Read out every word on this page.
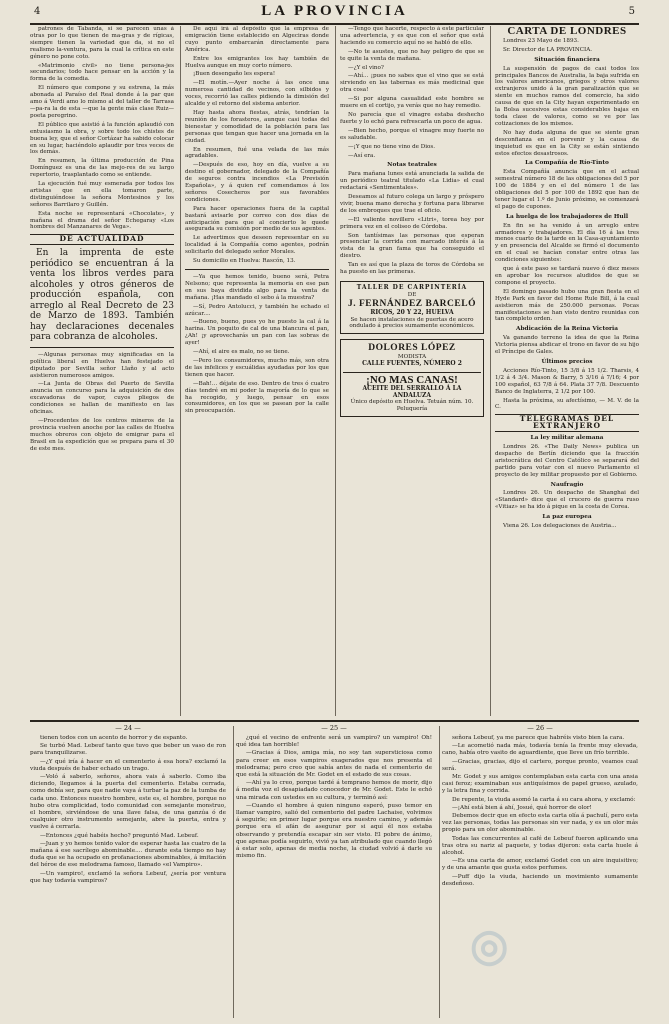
4	LA PROVINCIA	5

patrones de Tabanda, si se parecen unas á otras por lo que tienen de ma-gras y de rígicas, siempre tienen la variedad que da, si no el realismo la-ventura, para la cual la crítica en este género no pone coto.

«Matrimonio civil» no tiene persona-jes secundarios; todo hace pensar en la acción y la forma de la comedia.

El número que compone y su estrena, la más abonada al Paraíso del Real donde á la par que amo á Verdi amo lo mismo al del taller de Tarrasa—pa-ra la de esta —que la gente más clase Ruiz—poeta peregrino.

El público que asistió á la función aplaudió con entusiasmo la obra, y sobre todo los chistes de buena ley, que el señor Cortázar ha sabido colocar en su lugar, haciéndolo aplaudir por tres veces de los demás.

En resumen, la última producción de Pina Domínguez es una de las mejo-res de su largo repertorio, trasplantado como se entiende.

La ejecución fué muy esmerada por todos los artistas que en ella tomaron parte, distinguiéndose la señora Montesinos y los señores Barrilaro y Guillén.

Esta noche se representará «Chocolate», y mañana el drama del señor Echegaray «Los hombres del Manzanares de Vega».

DE ACTUALIDAD

En la imprenta de este periódico se encuentran á la venta los libros verdes para alcoholes y otros géneros de producción española, con arreglo al Real Decreto de 23 de Marzo de 1893. También hay declaraciones decenales para cobranza de alcoholes.

—Algunas personas muy significadas en la política liberal en Huelva han festejado el diputado por Sevilla señor Llaño y al acto asistieron numerosos amigos.

—La Junta de Obras del Puerto de Sevilla anuncia un concurso para la adquisición de dos excavadoras de vapor, cuyos pliegos de condiciones se hallan de manifiesto en las oficinas.

—Procedentes de los centros mineros de la provincia vuelven anoche por las calles de Huelva muchos obreros con objeto de emigrar para el Brasil en la expedición que se prepara para el 30 de este mes.

De aquí irá al depósito que la empresa de emigración tiene establecido en Algeciras donde cuyo punto embarcarán directamente para América.

Entre los emigrantes los hay también de Huelva aunque en muy corto número.

¡Buen desengaño les espera!

—El motín.—Ayer noche á las once una numerosa cantidad de vecinos, con silbidos y voces, recorrió las calles pidiendo la dimisión del alcalde y el retorno del sistema anterior.

Hay hasta ahora fiestas, atrás, tendrían la reunión de los forasteros, aunque casi todas del bienestar y comodidad de la población para las personas que tengan que hacer una jornada en la ciudad.

En resumen, fué una velada de las más agradables.

—Después de eso, hoy en día, vuelve a su destino el gobernador, delegado de la Compañía de seguros contra incendios «La Previsión Española», y á quien ref comendamos á los señores Cosecheros por sus favorables condiciones.

Para hacer operaciones fuera de la capital bastará avisarle por correo con dos días de anticipación para que al concierto le quede asegurada su comisión por medio de sus agentes.

Le advertimos que deseen representar en su localidad á la Compañía como agentes, podrán solicitarlo del delegado señor Morales.

Su domicilio en Huelva: Rascón, 13.

—Ya que hemos tenido, bueno será, Petra Nelsono; que representa la memoria en ese pan en sus baya dividida algo para la venta de mañana. ¡Has mandado el sebo á la muestra?

—Sí, Pedro Antolucci, y también he echado el azúcar....

—Bueno, bueno, pues yo he puesto la cal á la harina. Un poquito de cal de una blancura el pan, ¿Ah! ¡y aprovecharás un pan con las sobras de ayer!

—Ahí, el aire es malo, no se tiene.

—Pero los consumidores, mucho más, son otra de las infelices y escuálidas ayudadas por los que tienen que hacer.

—Bah!... déjate de eso. Dentro de tres ó cuatro días tendré en mi poder la mayoría de lo que se ha recogido, y luego, pensar en esos consumidores, en los que se pasean por la calle sin preocupación.

—Tengo que hacerte, respecto á este particular una advertencia, y es que con el señor que está haciendo su comercio aquí no se habló de ello.

—No te asustes, que no hay peligro de que se te quite la venta de mañana.

—¿Y el vino?

—Ahí... ¡pues no sabes que el vino que se está sirviendo en las tabernas es más medicinal que otra cosa!

—Si por alguna casualidad este hombre se muere en el cortijo, ya verás que no hay remedio.

No parecía que el vinagre estaba deshecho fuerte y lo echó para refrescarla un poco de agua.

—Bien hecho, porque el vinagre muy fuerte no es saludable.

—¡Y que no tiene vino de Dios.

—Así era.

Notas teatrales

Para mañana lunes está anunciada la salida de un periódico teatral titulado «La Lidia» el cual redactará «Sentimentales».

Deseamos al futuro colega un largo y próspero vivir, buena mano derecha y fortuna para librarse de los embroques que trae el oficio.

—El valiente novillero «Litri», torea hoy por primera vez en el coliseo de Córdoba.

Son tantísimas las personas que esperan presenciar la corrida con marcado interés á la vista de la gran fama que ha conseguido el diestro.

Tan es así que la plaza de toros de Córdoba se ha puesto en las primeras.

TALLER DE CARPINTERÍA
DE
J. FERNÁNDEZ BARCELÓ
RICOS, 20 Y 22, HUELVA
Se hacen instalaciones de puertas de acero ondulado á precios sumamente económicos.
DOLORES LÓPEZ
MODISTA
CALLE FUENTES, NÚMERO 2
¡NO MAS CANAS!
ACEITE DEL SERRALLO Á LA ANDALUZA
Único depósito en Huelva. Tetuán núm. 10. Peluquería
CARTA DE LONDRES

Londres 23 Mayo de 1893.

Sr. Director de LA PROVINCIA.

Situación financiera

La suspensión de pagos de casi todos los principales Bancos de Australia, la baja sufrida en los valores americanos, griegos y otros valores extranjeros unido á la gran paralización que se siente en muchos ramos del comercio, ha sido causa de que en la City hayan experimentado en la Bolsa sucesivos estas considerables bajas en toda clase de valores, como se ve por las cotizaciones de los mismos.

No hay duda alguna de que se siente gran desconfianza en el porvenir y la causa de inquietud es que en la City se están sintiendo estos efectos desastrosos.

La Compañía de Río-Tinto

Esta Compañía anuncia que en el actual semestral número 18 de las obligaciones del 5 por 100 de 1884 y en el del número 1 de las obligaciones del 5 por 100 de 1892 que han de tener lugar el 1.º de Junio próximo, se comenzará el pago de cupones.

La huelga de los trabajadores de Hull

En fin se ha venido á un arreglo entre armadores y trabajadores. El día 16 á las tres menos cuarto de la tarde en la Casa-ayuntamiento y en presencia del Alcalde se firmó el documento en el cual se hacían constar entre otras las condiciones siguientes:

que á este paso se tardará nuevo ó diez meses en aprobar los recursos aludidos de que se compone el proyecto.

El domingo pasado hubo una gran fiesta en el Hyde Park en favor del Home Rule Bill, á la cual asistieron más de 250.000 personas. Pocas manifestaciones se han visto dentro reunidas con tan completo orden.

Abdicación de la Reina Victoria

Va ganando terreno la idea de que la Reina Victoria piensa abdicar el trono en favor de su hijo el Príncipe de Gales.

Últimos precios

Acciones Río-Tinto, 15 3/8 á 15 1/2. Tharsis, 4 1/2 á 4 3/4. Mason & Barry, 5 3/16 á 7/16; 4 por 100 español, 63 7/8 á 64. Plata 37 7/8. Descuento Banco de Inglaterra, 2 1/2 por 100.

Hasta la próxima, su afectísimo, — M. V. de la C.

TELEGRAMAS DEL EXTRANJERO
La ley militar alemana

Londres 26. «The Daily News» publica un despacho de Berlín diciendo que la fracción aristocrática del Centro Católico se separará del partido para votar con el nuevo Parlamento el proyecto de ley militar propuesto por el Gobierno.

Naufragio

Londres 26. Un despacho de Shanghai del «Standard» dice que el crucero de guerra ruso «Vitiaz» se ha ido á pique en la costa de Corea.

La paz europea

Viena 26. Los delegaciones de Austria...

— 24 —

tienen todos con un acento de horror y de espanto.

Se turbó Mad. Lebeuf tanto que tuvo que beber un vaso de ron para tranquilizarse.

—¿Y qué iría á hacer en el cementerio á esa hora? exclamó la viuda después de haber echado un trago.

—Voló á saberlo, señores, ahora vais á saberlo. Como iba diciendo, llegamos á la puerta del cementerio. Estaba cerrada, como debía ser, para que nadie vaya á turbar la paz de la tumba de cada uno. Entonces nuestro hombre, este es, el hombre, porque no hubo otra complicidad, todo comunidad con semejante monstruo, el hombre, sirviéndose de una llave falsa, de una ganzúa ó de cualquier otro instrumento semejante, abre la puerta, entra y vuelve á cerrarla.

—Entonces ¿qué habéis hecho? preguntó Mad. Lebeuf.

—Juan y yo hemos tenido valor de esperar hasta las cuatro de la mañana á ese sacrílego abominable.... durante esta tiempo no hay duda que se ha ocupado en profanaciones abominables, á imitación del héroe de ese melodrama famoso, llamado «el Vampiro».

—Un vampiro!, exclamó la señora Lebeuf, ¿sería por ventura que hay todavía vampiros?

— 25 —

¿qué el vecino de enfrente será un vampiro? un vampiro! Oh! qué idea tan horrible!

—Gracias á Dios, amiga mía, no soy tan supersticiosa como para creer en esos vampiros exagerados que nos presenta el melodrama; pero creo que sabía antes de nada el cementerio de que está la situación de Mr. Godet en el estado de sus cosas.

—Ahí ya lo creo, porque tardé á temprano hemos de morir, dijo á media voz el desapiadado conocedor de Mr. Godet. Este le echó una mirada con ustedes en su cultura, y terminó así:

—Cuando el hombre á quien ninguno esperó, puso temor en llamar vampiro, salió del cementerio del padre Lachaise, volvimos á seguirle; en primer lugar porque era nuestro camino, y además porque era el afán de asegurar por si aquí él nos estaba observando y pretendía escapar sin ser visto. El pobre de ánimo, que apenas podía seguirlo, vivió ya tan atribulado que cuando llegó á estar solo, apenas de media noche, la ciudad volvió á darle su mismo fin.

— 26 —

señora Lebeuf, ya me parece que habréis visto bien la cara.

—Le acometió nada más, todavía tenía la frente muy elevada, cano, había otro vasito de aguardiente, que lleve un frío terrible.

—Gracias, gracias, dijo el cartero, porque pronto, veamos cual será.

Mr. Godet y sus amigos contemplaban esta carta con una ansia casi feroz; examinaban sus antiquísimos de papel grueso, azulado, y la letra fina y corrida.

De repente, la viuda asomó la carta á su cara ahora, y exclamó:

—¡Ahí está bien á ahí, Josué, qué horror de olor!

Debemos decir que en efecto esta carta olía á pachulí, pero esta vez las personas, todas las personas sin ver nada, y es un olor más propio para un olor abominable.

Todas las concurrentes al café de Lebeuf fueron aplicando una tras otra su nariz al paquete, y todas dijeron: esta carta huele á alcohol.

—Es una carta de amor, exclamó Godet con un aire inquisitivo; y de una amante que gusta estos perfumes.

—Puff dijo la viuda, haciendo un movimiento sumamente desdeñoso.

◎
